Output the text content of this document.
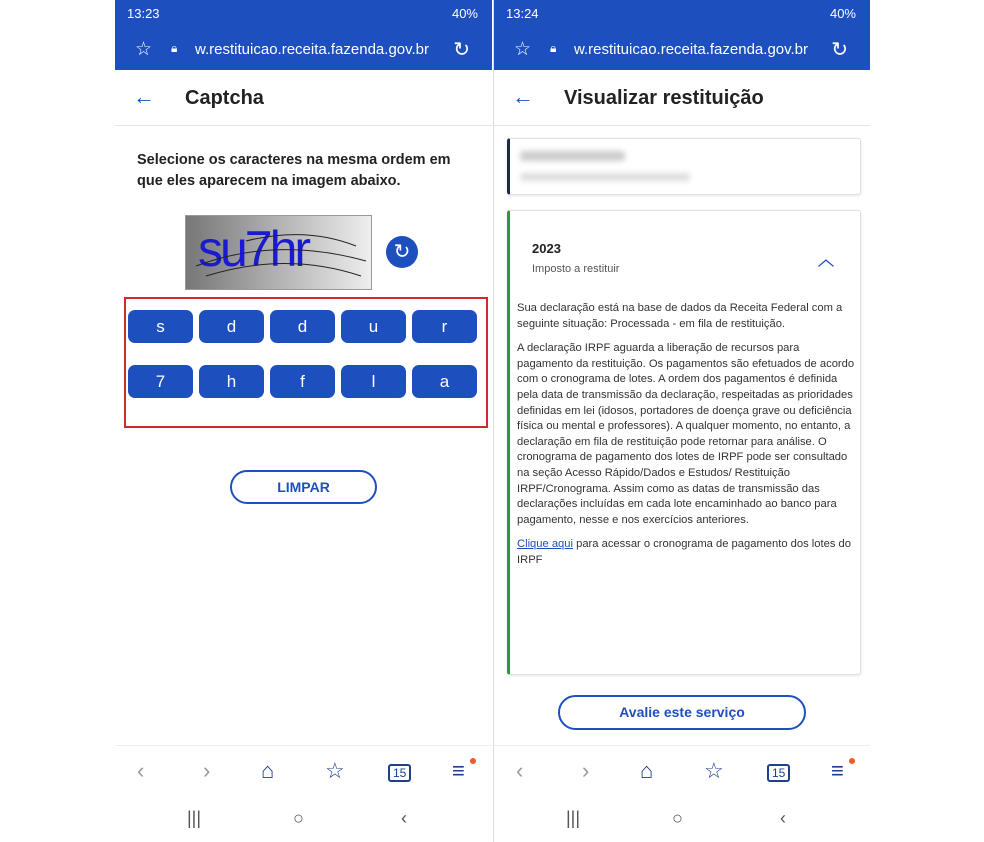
13:23	40%
☆ 🔒︎ w.restituicao.receita.fazenda.gov.br ↻
← Captcha
Selecione os caracteres na mesma ordem em que eles aparecem na imagem abaixo.
su7hr	↻
s	d	d	u	r
7	h	f	l	a
LIMPAR
‹	› ⌂ ☆	15 ≡
|||	○	‹
13:24	40%
☆ 🔒︎ w.restituicao.receita.fazenda.gov.br ↻
← Visualizar restituição
2023
Imposto a restituir	︿

Sua declaração está na base de dados da Receita Federal com a seguinte situação: Processada - em fila de restituição.

A declaração IRPF aguarda a liberação de recursos para pagamento da restituição. Os pagamentos são efetuados de acordo com o cronograma de lotes. A ordem dos pagamentos é definida pela data de transmissão da declaração, respeitadas as prioridades definidas em lei (idosos, portadores de doença grave ou deficiência física ou mental e professores). A qualquer momento, no entanto, a declaração em fila de restituição pode retornar para análise. O cronograma de pagamento dos lotes de IRPF pode ser consultado na seção Acesso Rápido/Dados e Estudos/ Restituição IRPF/Cronograma. Assim como as datas de transmissão das declarações incluídas em cada lote encaminhado ao banco para pagamento, nesse e nos exercícios anteriores.

Clique aqui para acessar o cronograma de pagamento dos lotes do IRPF

Avalie este serviço
‹	› ⌂ ☆	15 ≡
|||	○	‹
